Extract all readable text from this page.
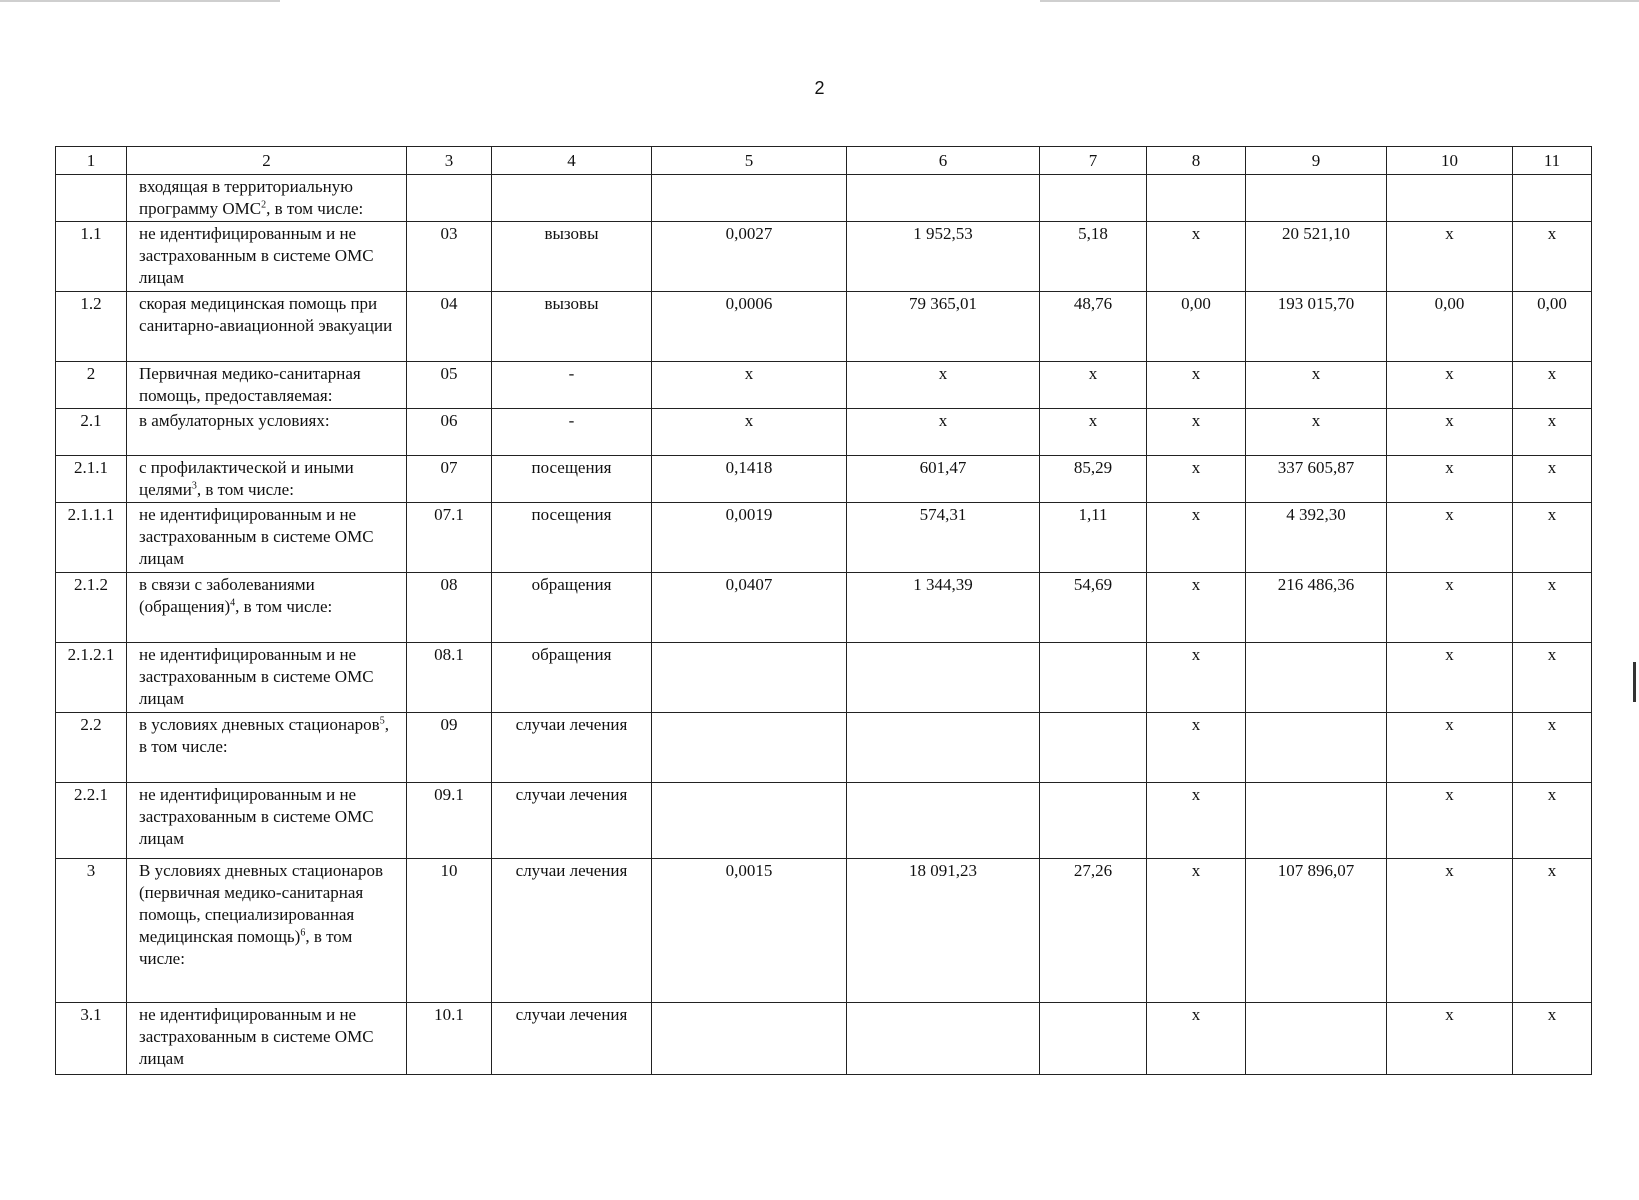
2
1	2	3	4	5	6	7	8	9	10	11
	входящая в территориальную программу ОМС$^2$, в том числе:									
1.1	не идентифицированным и не застрахованным в системе ОМС лицам	03	вызовы	0,0027	1 952,53	5,18	х	20 521,10	х	х
1.2	скорая медицинская помощь при санитарно-авиационной эвакуации	04	вызовы	0,0006	79 365,01	48,76	0,00	193 015,70	0,00	0,00
2	Первичная медико-санитарная помощь, предоставляемая:	05	-	х	х	х	х	х	х	х
2.1	в амбулаторных условиях:	06	-	х	х	х	х	х	х	х
2.1.1	с профилактической и иными целями$^3$, в том числе:	07	посещения	0,1418	601,47	85,29	х	337 605,87	х	х
2.1.1.1	не идентифицированным и не застрахованным в системе ОМС лицам	07.1	посещения	0,0019	574,31	1,11	х	4 392,30	х	х
2.1.2	в связи с заболеваниями (обращения)$^4$, в том числе:	08	обращения	0,0407	1 344,39	54,69	х	216 486,36	х	х
2.1.2.1	не идентифицированным и не застрахованным в системе ОМС лицам	08.1	обращения				х		х	х
2.2	в условиях дневных стационаров$^5$, в том числе:	09	случаи лечения				х		х	х
2.2.1	не идентифицированным и не застрахованным в системе ОМС лицам	09.1	случаи лечения				х		х	х
3	В условиях дневных стационаров (первичная медико-санитарная помощь, специализированная медицинская помощь)$^6$, в том числе:	10	случаи лечения	0,0015	18 091,23	27,26	х	107 896,07	х	х
3.1	не идентифицированным и не застрахованным в системе ОМС лицам	10.1	случаи лечения				х		х	х
